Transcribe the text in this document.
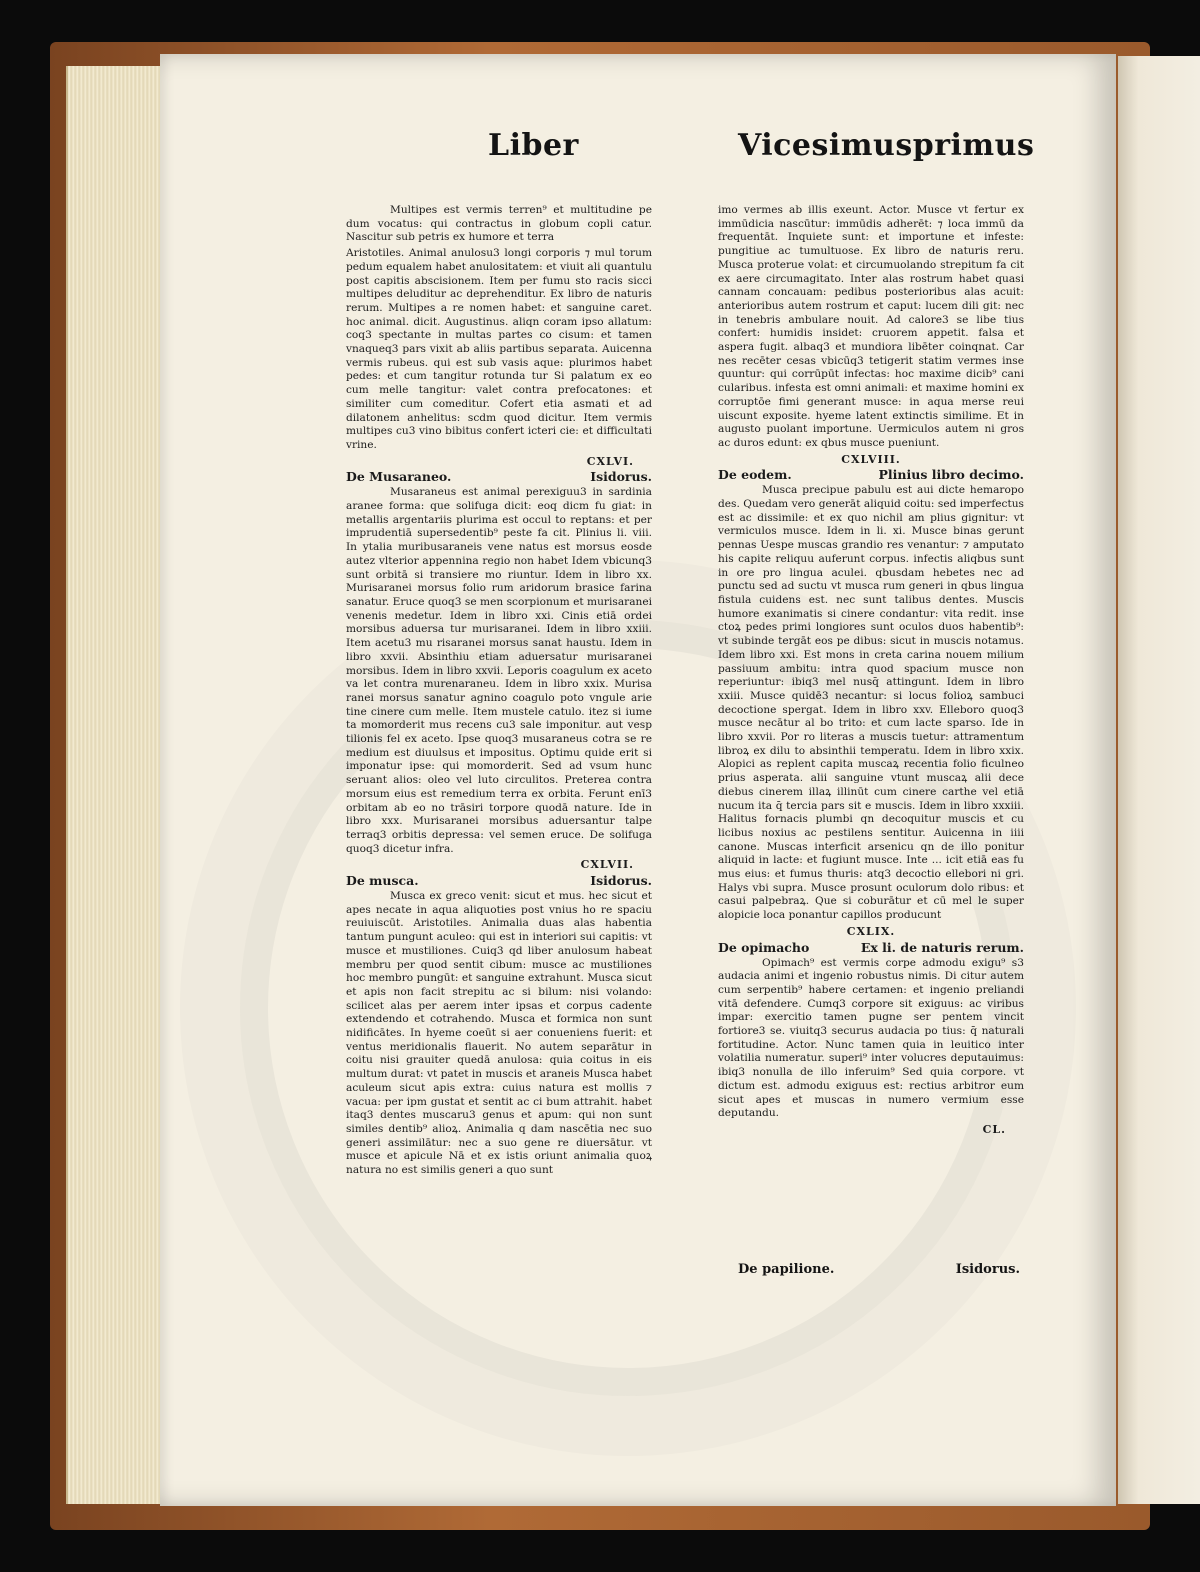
Liber	Vicesimusprimus

Multipes est vermis terren⁹ et multitudine pe dum vocatus: qui contractus in globum copli catur. Nascitur sub petris ex humore et terra

Aristotiles. Animal anulosu3 longi corporis ⁊ mul torum pedum equalem habet anulositatem: et viuit ali quantulu post capitis abscisionem. Item per fumu sto racis sicci multipes deluditur ac deprehenditur. Ex libro de naturis rerum. Multipes a re nomen habet: et sanguine caret. hoc animal. dicit. Augustinus. aliqn coram ipso allatum: coq3 spectante in multas partes co cisum: et tamen vnaqueq3 pars vixit ab aliis partibus separata. Auicenna vermis rubeus. qui est sub vasis aque: plurimos habet pedes: et cum tangitur rotunda tur Si palatum ex eo cum melle tangitur: valet contra prefocatones: et similiter cum comeditur. Cofert etia asmati et ad dilatonem anhelitus: scdm quod dicitur. Item vermis multipes cu3 vino bibitus confert icteri cie: et difficultati vrine.

CXLVI.
De Musaraneo.	Isidorus.

Musaraneus est animal perexiguu3 in sardinia aranee forma: que solifuga dicit: eoq dicm fu giat: in metallis argentariis plurima est occul to reptans: et per imprudentiā supersedentib⁹ peste fa cit. Plinius li. viii. In ytalia muribusaraneis vene natus est morsus eosde autez vlterior appennina regio non habet Idem vbicunq3 sunt orbitā si transiere mo riuntur. Idem in libro xx. Murisaranei morsus folio rum aridorum brasice farina sanatur. Eruce quoq3 se men scorpionum et murisaranei venenis medetur. Idem in libro xxi. Cinis etiā ordei morsibus aduersa tur murisaranei. Idem in libro xxiii. Item acetu3 mu risaranei morsus sanat haustu. Idem in libro xxvii. Absinthiu etiam aduersatur murisaranei morsibus. Idem in libro xxvii. Leporis coagulum ex aceto va let contra murenaraneu. Idem in libro xxix. Murisa ranei morsus sanatur agnino coagulo poto vngule arie tine cinere cum melle. Item mustele catulo. itez si iume ta momorderit mus recens cu3 sale imponitur. aut vesp tilionis fel ex aceto. Ipse quoq3 musaraneus cotra se re medium est diuulsus et impositus. Optimu quide erit si imponatur ipse: qui momorderit. Sed ad vsum hunc seruant alios: oleo vel luto circulitos. Preterea contra morsum eius est remedium terra ex orbita. Ferunt enī3 orbitam ab eo no trāsiri torpore quodā nature. Ide in libro xxx. Murisaranei morsibus aduersantur talpe terraq3 orbitis depressa: vel semen eruce. De solifuga quoq3 dicetur infra.

CXLVII.
De musca.	Isidorus.

Musca ex greco venit: sicut et mus. hec sicut et apes necate in aqua aliquoties post vnius ho re spaciu reuiuiscūt. Aristotiles. Animalia duas alas habentia tantum pungunt aculeo: qui est in interiori sui capitis: vt musce et mustiliones. Cuiq3 qd liber anulosum habeat membru per quod sentit cibum: musce ac mustiliones hoc membro pungūt: et sanguine extrahunt. Musca sicut et apis non facit strepitu ac si bilum: nisi volando: scilicet alas per aerem inter ipsas et corpus cadente extendendo et cotrahendo. Musca et formica non sunt nidificātes. In hyeme coeūt si aer conueniens fuerit: et ventus meridionalis flauerit. No autem separātur in coitu nisi grauiter quedā anulosa: quia coitus in eis multum durat: vt patet in muscis et araneis Musca habet aculeum sicut apis extra: cuius natura est mollis ⁊ vacua: per ipm gustat et sentit ac ci bum attrahit. habet itaq3 dentes muscaru3 genus et apum: qui non sunt similes dentib⁹ alioꝝ. Animalia q dam nascētia nec suo generi assimilātur: nec a suo gene re diuersātur. vt musce et apicule Nā et ex istis oriunt animalia quoꝝ natura no est similis generi a quo sunt

imo vermes ab illis exeunt. Actor. Musce vt fertur ex immūdicia nascūtur: immūdis adherēt: ⁊ loca immū da frequentāt. Inquiete sunt: et importune et infeste: pungitiue ac tumultuose. Ex libro de naturis reru. Musca proterue volat: et circumuolando strepitum fa cit ex aere circumagitato. Inter alas rostrum habet quasi cannam concauam: pedibus posterioribus alas acuit: anterioribus autem rostrum et caput: lucem dili git: nec in tenebris ambulare nouit. Ad calore3 se libe tius confert: humidis insidet: cruorem appetit. falsa et aspera fugit. albaq3 et mundiora libēter coinqnat. Car nes recēter cesas vbicūq3 tetigerit statim vermes inse quuntur: qui corrūpūt infectas: hoc maxime dicib⁹ cani cularibus. infesta est omni animali: et maxime homini ex corruptōe fimi generant musce: in aqua merse reui uiscunt exposite. hyeme latent extinctis similime. Et in augusto puolant importune. Uermiculos autem ni gros ac duros edunt: ex qbus musce pueniunt.

CXLVIII.
De eodem.	Plinius libro decimo.

Musca precipue pabulu est aui dicte hemaropo des. Quedam vero generāt aliquid coitu: sed imperfectus est ac dissimile: et ex quo nichil am plius gignitur: vt vermiculos musce. Idem in li. xi. Musce binas gerunt pennas Uespe muscas grandio res venantur: ⁊ amputato his capite reliquu auferunt corpus. infectis aliqbus sunt in ore pro lingua aculei. qbusdam hebetes nec ad punctu sed ad suctu vt musca rum generi in qbus lingua fistula cuidens est. nec sunt talibus dentes. Muscis humore exanimatis si cinere condantur: vita redit. inse ctoꝝ pedes primi longiores sunt oculos duos habentib⁹: vt subinde tergāt eos pe dibus: sicut in muscis notamus. Idem libro xxi. Est mons in creta carina nouem milium passiuum ambitu: intra quod spacium musce non reperiuntur: ibiq3 mel nusq̄ attingunt. Idem in libro xxiii. Musce quidē3 necantur: si locus folioꝝ sambuci decoctione spergat. Idem in libro xxv. Elleboro quoq3 musce necātur al bo trito: et cum lacte sparso. Ide in libro xxvii. Por ro literas a muscis tuetur: attramentum libroꝝ ex dilu to absinthii temperatu. Idem in libro xxix. Alopici as replent capita muscaꝝ recentia folio ficulneo prius asperata. alii sanguine vtunt muscaꝝ alii dece diebus cinerem illaꝝ illinūt cum cinere carthe vel etiā nucum ita q̄ tercia pars sit e muscis. Idem in libro xxxiii. Halitus fornacis plumbi qn decoquitur muscis et cu licibus noxius ac pestilens sentitur. Auicenna in iiii canone. Muscas interficit arsenicu qn de illo ponitur aliquid in lacte: et fugiunt musce. Inte ... icit etiā eas fu mus eius: et fumus thuris: atq3 decoctio ellebori ni gri. Halys vbi supra. Musce prosunt oculorum dolo ribus: et casui palpebraꝝ. Que si coburātur et cū mel le super alopicie loca ponantur capillos producunt

CXLIX.
De opimacho	Ex li. de naturis rerum.

Opimach⁹ est vermis corpe admodu exigu⁹ s3 audacia animi et ingenio robustus nimis. Di citur autem cum serpentib⁹ habere certamen: et ingenio preliandi vitā defendere. Cumq3 corpore sit exiguus: ac viribus impar: exercitio tamen pugne ser pentem vincit fortiore3 se. viuitq3 securus audacia po tius: q̄ naturali fortitudine. Actor. Nunc tamen quia in leuitico inter volatilia numeratur. superi⁹ inter volucres deputauimus: ibiq3 nonulla de illo inferuim⁹ Sed quia corpore. vt dictum est. admodu exiguus est: rectius arbitror eum sicut apes et muscas in numero vermium esse deputandu.

CL.
De papilione.	Isidorus.
